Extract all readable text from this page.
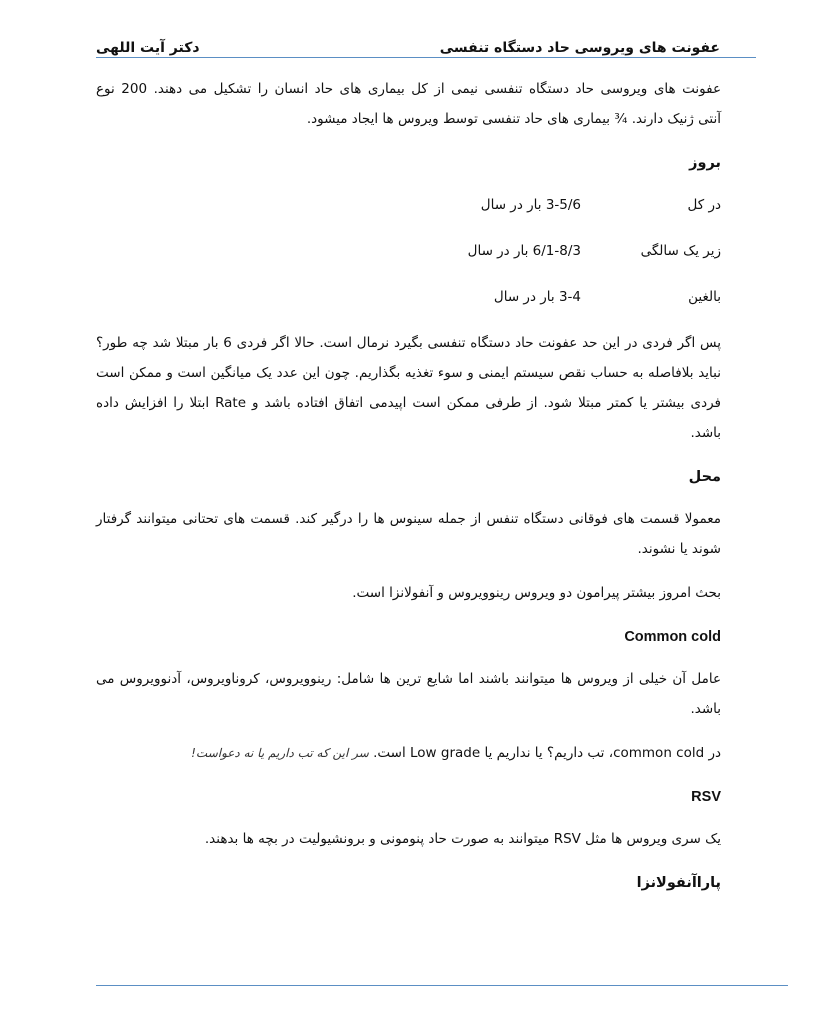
عفونت های ویروسی حاد دستگاه تنفسی
دکتر آیت اللهی

عفونت های ویروسی حاد دستگاه تنفسی نیمی از کل بیماری های حاد انسان را تشکیل می دهند. 200 نوع

آنتی ژنیک دارند. ¾ بیماری های حاد تنفسی توسط ویروس ها ایجاد میشود.

بروز
در کل
3-5/6 بار در سال
زیر یک سالگی
6/1-8/3 بار در سال
بالغین
3-4 بار در سال

پس اگر فردی در این حد عفونت حاد دستگاه تنفسی بگیرد نرمال است. حالا اگر فردی 6 بار مبتلا شد چه طور؟ نباید بلافاصله به حساب نقص سیستم ایمنی و سوء تغذیه بگذاریم. چون این عدد یک میانگین است و ممکن است فردی بیشتر یا کمتر مبتلا شود. از طرفی ممکن است اپیدمی اتفاق افتاده باشد و Rate ابتلا را افزایش داده باشد.

محل

معمولا قسمت های فوقانی دستگاه تنفس از جمله سینوس ها را درگیر کند. قسمت های تحتانی میتوانند گرفتار شوند یا نشوند.

بحث امروز بیشتر پیرامون دو ویروس رینوویروس و آنفولانزا است.

Common cold

عامل آن خیلی از ویروس ها میتوانند باشند اما شایع ترین ها شامل: رینوویروس، کروناویروس، آدنوویروس می باشد.

در common cold، تب داریم؟ یا نداریم یا Low grade است. سر این که تب داریم یا نه دعواست!

RSV

یک سری ویروس ها مثل RSV میتوانند به صورت حاد پنومونی و برونشیولیت در بچه ها بدهند.

پاراآنفولانزا
